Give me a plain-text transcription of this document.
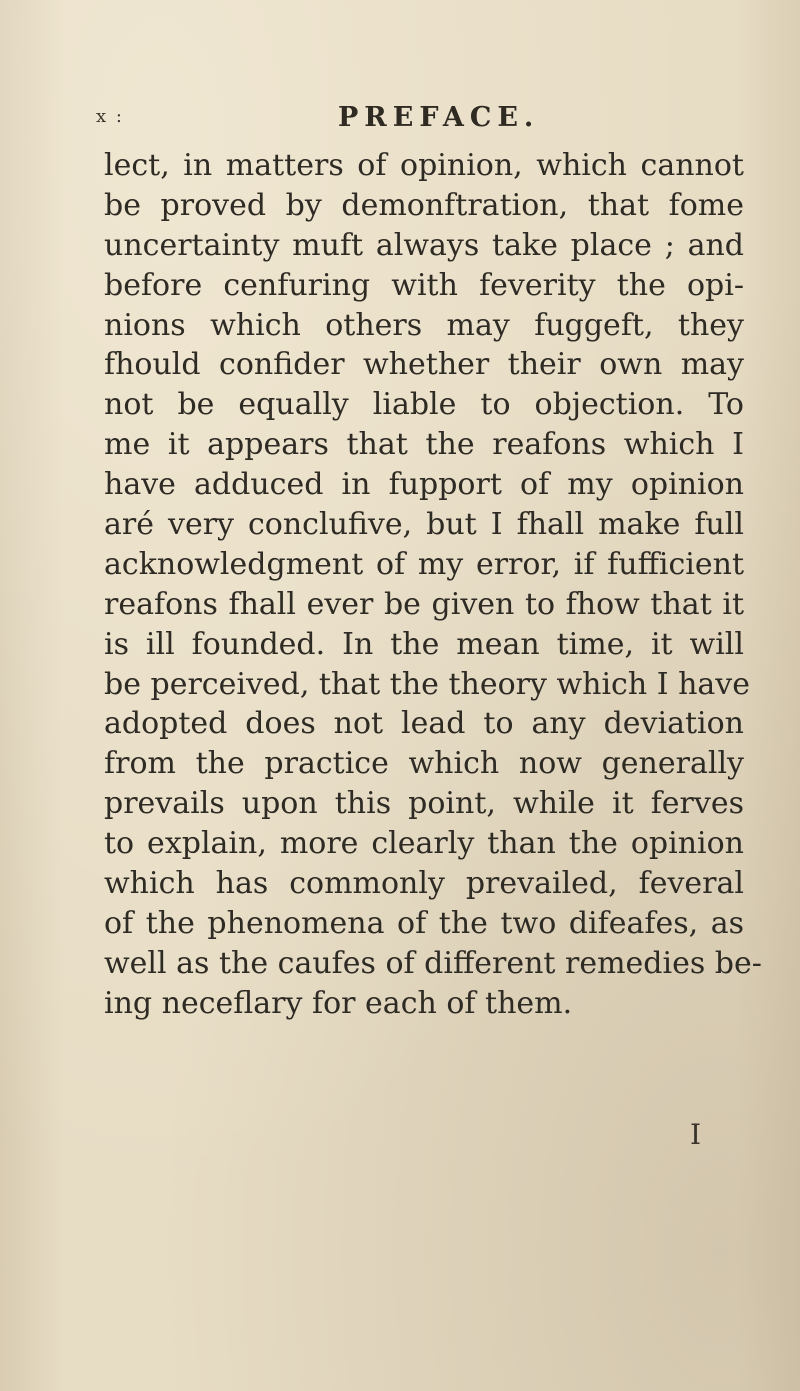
x :	PREFACE.
lect, in matters of opinion, which cannot
be proved by demonftration, that fome
uncertainty muft always take place ; and
before cenfuring with feverity the opi-
nions which others may fuggeft, they
fhould confider whether their own may
not be equally liable to objection. To
me it appears that the reafons which I
have adduced in fupport of my opinion
aré very conclufive, but I fhall make full
acknowledgment of my error, if fufficient
reafons fhall ever be given to fhow that it
is ill founded. In the mean time, it will
be perceived, that the theory which I have
adopted does not lead to any deviation
from the practice which now generally
prevails upon this point, while it ferves
to explain, more clearly than the opinion
which has commonly prevailed, feveral
of the phenomena of the two difeafes, as
well as the caufes of different remedies be-
ing neceflary for each of them.
I
